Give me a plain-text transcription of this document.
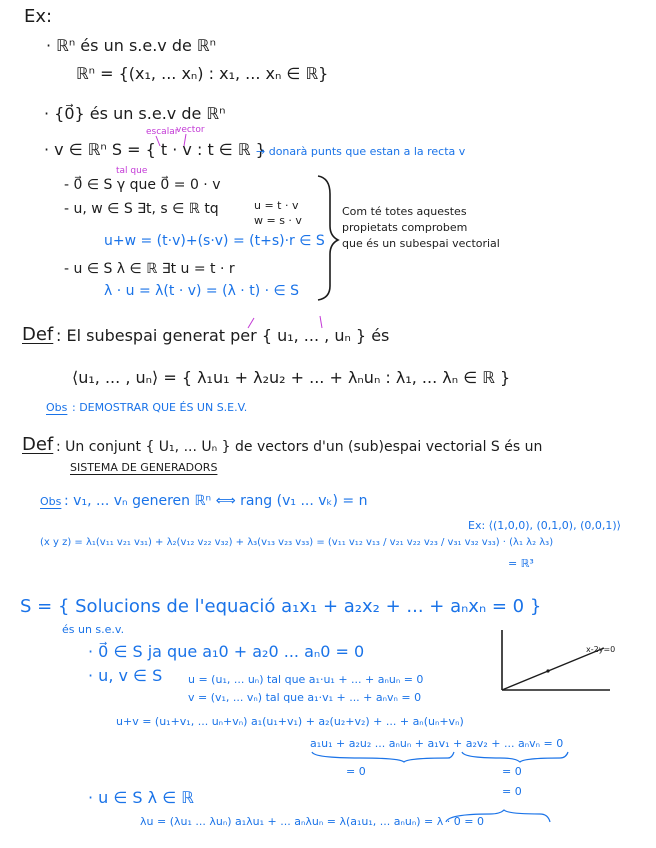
Ex:
· ℝⁿ és un s.e.v de ℝⁿ
ℝⁿ = {(x₁, ... xₙ) : x₁, ... xₙ ∈ ℝ}
· {0⃗} és un s.e.v de ℝⁿ
escalar
vector
· v ∈ ℝⁿ S = { t · v : t ∈ ℝ }
→ donarà punts que estan a la recta v
tal que
- 0⃗ ∈ S γ que 0⃗ = 0 · v
- u, w ∈ S ∃t, s ∈ ℝ tq	u = t · v
w = s · v
u+w = (t·v)+(s·v) = (t+s)·r ∈ S
- u ∈ S λ ∈ ℝ ∃t u = t · r
λ · u = λ(t · v) = (λ · t) · ∈ S
Com té totes aquestes
propietats comprobem
que és un subespai vectorial
Def : El subespai generat per { u₁, ... , uₙ } és
⟨u₁, ... , uₙ⟩ = { λ₁u₁ + λ₂u₂ + ... + λₙuₙ : λ₁, ... λₙ ∈ ℝ }
Obs : DEMOSTRAR QUE ÉS UN S.E.V.
Def : Un conjunt { U₁, ... Uₙ } de vectors d'un (sub)espai vectorial S és un
SISTEMA DE GENERADORS
Obs : v₁, ... vₙ generen ℝⁿ ⟺ rang (v₁ ... vₖ) = n
(x y z) = λ₁(v₁₁ v₂₁ v₃₁) + λ₂(v₁₂ v₂₂ v₃₂) + λ₃(v₁₃ v₂₃ v₃₃) = (v₁₁ v₁₂ v₁₃ / v₂₁ v₂₂ v₂₃ / v₃₁ v₃₂ v₃₃) · (λ₁ λ₂ λ₃)
Ex: ⟨(1,0,0), (0,1,0), (0,0,1)⟩
= ℝ³
S = { Solucions de l'equació a₁x₁ + a₂x₂ + ... + aₙxₙ = 0 }
és un s.e.v.
· 0⃗ ∈ S ja que a₁0 + a₂0 ... aₙ0 = 0
· u, v ∈ S u = (u₁, ... uₙ) tal que a₁·u₁ + ... + aₙuₙ = 0
v = (v₁, ... vₙ) tal que a₁·v₁ + ... + aₙvₙ = 0
u+v = (u₁+v₁, ... uₙ+vₙ) a₁(u₁+v₁) + a₂(u₂+v₂) + ... + aₙ(uₙ+vₙ)
a₁u₁ + a₂u₂ ... aₙuₙ + a₁v₁ + a₂v₂ + ... aₙvₙ = 0
= 0	= 0
= 0
· u ∈ S λ ∈ ℝ
λu = (λu₁ ... λuₙ) a₁λu₁ + ... aₙλuₙ = λ(a₁u₁, ... aₙuₙ) = λ · 0 = 0
x-2y=0
